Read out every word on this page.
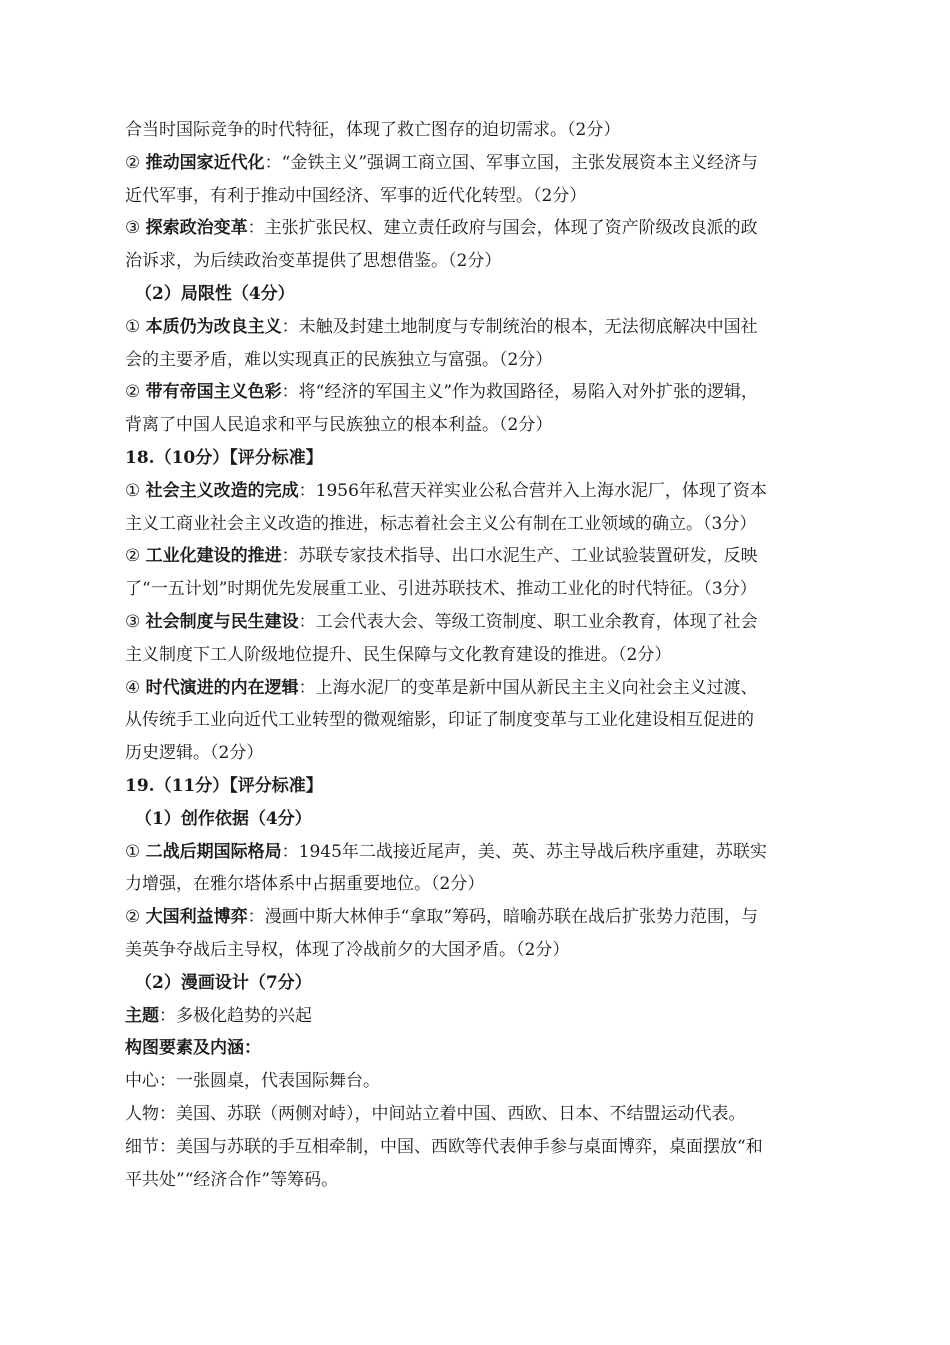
合当时国际竞争的时代特征，体现了救亡图存的迫切需求。（2分）
② 推动国家近代化：“金铁主义”强调工商立国、军事立国，主张发展资本主义经济与
近代军事，有利于推动中国经济、军事的近代化转型。（2分）
③ 探索政治变革：主张扩张民权、建立责任政府与国会，体现了资产阶级改良派的政
治诉求，为后续政治变革提供了思想借鉴。（2分）
（2）局限性（4分）
① 本质仍为改良主义：未触及封建土地制度与专制统治的根本，无法彻底解决中国社
会的主要矛盾，难以实现真正的民族独立与富强。（2分）
② 带有帝国主义色彩：将“经济的军国主义”作为救国路径，易陷入对外扩张的逻辑，
背离了中国人民追求和平与民族独立的根本利益。（2分）
18.（10分）【评分标准】
① 社会主义改造的完成：1956年私营天祥实业公私合营并入上海水泥厂，体现了资本
主义工商业社会主义改造的推进，标志着社会主义公有制在工业领域的确立。（3分）
② 工业化建设的推进：苏联专家技术指导、出口水泥生产、工业试验装置研发，反映
了“一五计划”时期优先发展重工业、引进苏联技术、推动工业化的时代特征。（3分）
③ 社会制度与民生建设：工会代表大会、等级工资制度、职工业余教育，体现了社会
主义制度下工人阶级地位提升、民生保障与文化教育建设的推进。（2分）
④ 时代演进的内在逻辑：上海水泥厂的变革是新中国从新民主主义向社会主义过渡、
从传统手工业向近代工业转型的微观缩影，印证了制度变革与工业化建设相互促进的
历史逻辑。（2分）
19.（11分）【评分标准】
（1）创作依据（4分）
① 二战后期国际格局：1945年二战接近尾声，美、英、苏主导战后秩序重建，苏联实
力增强，在雅尔塔体系中占据重要地位。（2分）
② 大国利益博弈：漫画中斯大林伸手“拿取”筹码，暗喻苏联在战后扩张势力范围，与
美英争夺战后主导权，体现了冷战前夕的大国矛盾。（2分）
（2）漫画设计（7分）
主题：多极化趋势的兴起
构图要素及内涵：
中心：一张圆桌，代表国际舞台。
人物：美国、苏联（两侧对峙），中间站立着中国、西欧、日本、不结盟运动代表。
细节：美国与苏联的手互相牵制，中国、西欧等代表伸手参与桌面博弈，桌面摆放“和
平共处”“经济合作”等筹码。
